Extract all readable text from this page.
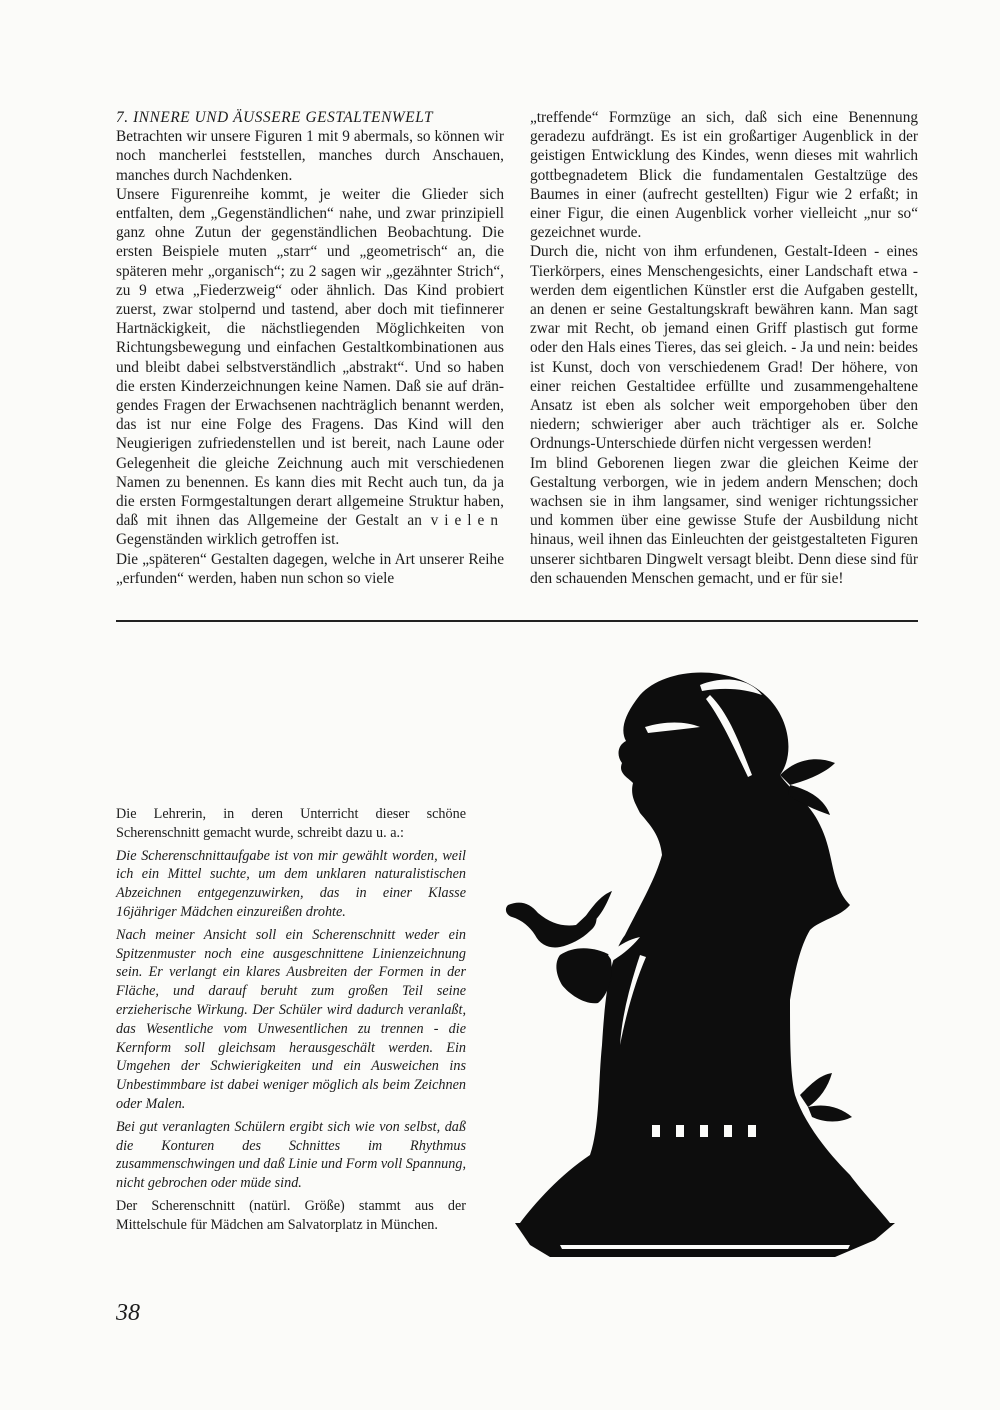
7. INNERE UND ÄUSSERE GESTALTENWELT

Betrachten wir unsere Figuren 1 mit 9 abermals, so können wir noch mancherlei feststellen, manches durch Anschauen, manches durch Nachdenken.

Unsere Figurenreihe kommt, je weiter die Glieder sich entfalten, dem „Gegenständlichen“ nahe, und zwar prinzipiell ganz ohne Zutun der gegenständlichen Beobachtung. Die ersten Beispiele muten „starr“ und „geometrisch“ an, die späteren mehr „organisch“; zu 2 sagen wir „gezähnter Strich“, zu 9 etwa „Fiederzweig“ oder ähnlich. Das Kind probiert zuerst, zwar stolpernd und tastend, aber doch mit tiefinnerer Hartnäckigkeit, die nächstliegenden Möglichkeiten von Richtungsbewegung und einfachen Gestaltkombinationen aus und bleibt dabei selbstverständlich „abstrakt“. Und so haben die ersten Kinderzeichnungen keine Namen. Daß sie auf drängendes Fragen der Erwachsenen nachträglich benannt werden, das ist nur eine Folge des Fragens. Das Kind will den Neugierigen zufriedenstellen und ist bereit, nach Laune oder Gelegenheit die gleiche Zeichnung auch mit verschiedenen Namen zu benennen. Es kann dies mit Recht auch tun, da ja die ersten Formgestaltungen derart allgemeine Struktur haben, daß mit ihnen das Allgemeine der Gestalt an vielen Gegenständen wirklich getroffen ist.

Die „späteren“ Gestalten dagegen, welche in Art unserer Reihe „erfunden“ werden, haben nun schon so viele

„treffende“ Formzüge an sich, daß sich eine Benennung geradezu aufdrängt. Es ist ein großartiger Augenblick in der geistigen Entwicklung des Kindes, wenn dieses mit wahrlich gottbegnadetem Blick die fundamentalen Gestaltzüge des Baumes in einer (aufrecht gestellten) Figur wie 2 erfaßt; in einer Figur, die einen Augenblick vorher vielleicht „nur so“ gezeichnet wurde.

Durch die, nicht von ihm erfundenen, Gestalt-Ideen - eines Tierkörpers, eines Menschengesichts, einer Landschaft etwa - werden dem eigentlichen Künstler erst die Aufgaben gestellt, an denen er seine Gestaltungskraft bewähren kann. Man sagt zwar mit Recht, ob jemand einen Griff plastisch gut forme oder den Hals eines Tieres, das sei gleich. - Ja und nein: beides ist Kunst, doch von verschiedenem Grad! Der höhere, von einer reichen Gestaltidee erfüllte und zusammengehaltene Ansatz ist eben als solcher weit emporgehoben über den niedern; schwieriger aber auch trächtiger als er. Solche Ordnungs-Unterschiede dürfen nicht vergessen werden!

Im blind Geborenen liegen zwar die gleichen Keime der Gestaltung verborgen, wie in jedem andern Menschen; doch wachsen sie in ihm langsamer, sind weniger richtungssicher und kommen über eine gewisse Stufe der Ausbildung nicht hinaus, weil ihnen das Einleuchten der geistgestalteten Figuren unserer sichtbaren Dingwelt versagt bleibt. Denn diese sind für den schauenden Menschen gemacht, und er für sie!

Die Lehrerin, in deren Unterricht dieser schöne Scherenschnitt gemacht wurde, schreibt dazu u. a.:

Die Scherenschnittaufgabe ist von mir gewählt worden, weil ich ein Mittel suchte, um dem unklaren naturalistischen Abzeichnen entgegenzuwirken, das in einer Klasse 16jähriger Mädchen einzureißen drohte.

Nach meiner Ansicht soll ein Scherenschnitt weder ein Spitzenmuster noch eine ausgeschnittene Linienzeichnung sein. Er verlangt ein klares Ausbreiten der Formen in der Fläche, und darauf beruht zum großen Teil seine erzieherische Wirkung. Der Schüler wird dadurch veranlaßt, das Wesentliche vom Unwesentlichen zu trennen - die Kernform soll gleichsam herausgeschält werden. Ein Umgehen der Schwierigkeiten und ein Ausweichen ins Unbestimmbare ist dabei weniger möglich als beim Zeichnen oder Malen.

Bei gut veranlagten Schülern ergibt sich wie von selbst, daß die Konturen des Schnittes im Rhythmus zusammenschwingen und daß Linie und Form voll Spannung, nicht gebrochen oder müde sind.

Der Scherenschnitt (natürl. Größe) stammt aus der Mittelschule für Mädchen am Salvatorplatz in München.

38
